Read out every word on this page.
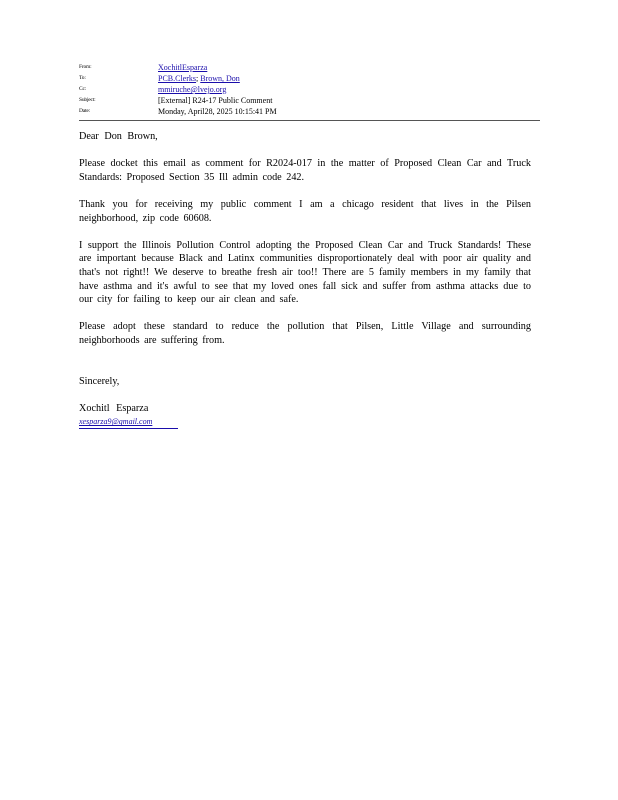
From:	XochitlEsparza
To:	PCB.Clerks; Brown, Don
Cc:	mmiruche@lvejo.org
Subject:	[External] R24-17 Public Comment
Date:	Monday, April28, 2025 10:15:41 PM
Dear Don Brown,

Please docket this email as comment for R2024-017 in the matter of Proposed Clean Car and Truck Standards: Proposed Section 35 Ill admin code 242.

Thank you for receiving my public comment I am a chicago resident that lives in the Pilsen neighborhood, zip code 60608.

I support the Illinois Pollution Control adopting the Proposed Clean Car and Truck Standards! These are important because Black and Latinx communities disproportionately deal with poor air quality and that's not right!! We deserve to breathe fresh air too!! There are 5 family members in my family that have asthma and it's awful to see that my loved ones fall sick and suffer from asthma attacks due to our city for failing to keep our air clean and safe.

Please adopt these standard to reduce the pollution that Pilsen, Little Village and surrounding neighborhoods are suffering from.

Sincerely,
Xochitl Esparza
xesparza9@gmail.com
